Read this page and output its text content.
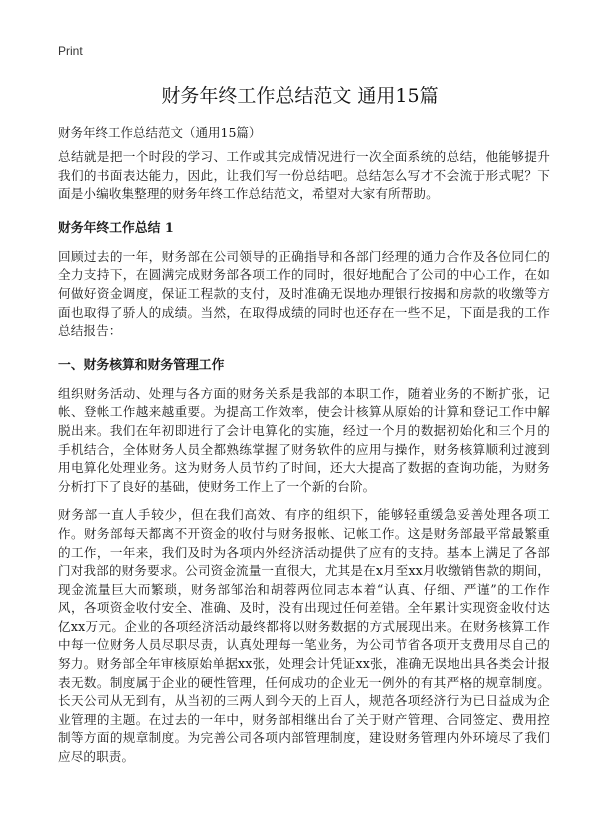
Print
财务年终工作总结范文 通用15篇

财务年终工作总结范文（通用15篇）

总结就是把一个时段的学习、工作或其完成情况进行一次全面系统的总结，他能够提升我们的书面表达能力，因此，让我们写一份总结吧。总结怎么写才不会流于形式呢？下面是小编收集整理的财务年终工作总结范文，希望对大家有所帮助。

财务年终工作总结 1

回顾过去的一年，财务部在公司领导的正确指导和各部门经理的通力合作及各位同仁的全力支持下，在圆满完成财务部各项工作的同时，很好地配合了公司的中心工作，在如何做好资金调度，保证工程款的支付，及时准确无误地办理银行按揭和房款的收缴等方面也取得了骄人的成绩。当然，在取得成绩的同时也还存在一些不足，下面是我的工作总结报告：

一、财务核算和财务管理工作

组织财务活动、处理与各方面的财务关系是我部的本职工作，随着业务的不断扩张，记帐、登帐工作越来越重要。为提高工作效率，使会计核算从原始的计算和登记工作中解脱出来。我们在年初即进行了会计电算化的实施，经过一个月的数据初始化和三个月的手机结合，全体财务人员全都熟练掌握了财务软件的应用与操作，财务核算顺利过渡到用电算化处理业务。这为财务人员节约了时间，还大大提高了数据的查询功能，为财务分析打下了良好的基础，使财务工作上了一个新的台阶。

财务部一直人手较少，但在我们高效、有序的组织下，能够轻重缓急妥善处理各项工作。财务部每天都离不开资金的收付与财务报帐、记帐工作。这是财务部最平常最繁重的工作，一年来，我们及时为各项内外经济活动提供了应有的支持。基本上满足了各部门对我部的财务要求。公司资金流量一直很大，尤其是在x月至xx月收缴销售款的期间，现金流量巨大而繁琐，财务部邹治和胡蓉两位同志本着“认真、仔细、严谨”的工作作风，各项资金收付安全、准确、及时，没有出现过任何差错。全年累计实现资金收付达亿xx万元。企业的各项经济活动最终都将以财务数据的方式展现出来。在财务核算工作中每一位财务人员尽职尽责，认真处理每一笔业务，为公司节省各项开支费用尽自己的努力。财务部全年审核原始单据xx张，处理会计凭证xx张，准确无误地出具各类会计报表无数。制度属于企业的硬性管理，任何成功的企业无一例外的有其严格的规章制度。长天公司从无到有，从当初的三两人到今天的上百人，规范各项经济行为已日益成为企业管理的主题。在过去的一年中，财务部相继出台了关于财产管理、合同签定、费用控制等方面的规章制度。为完善公司各项内部管理制度，建设财务管理内外环境尽了我们应尽的职责。
